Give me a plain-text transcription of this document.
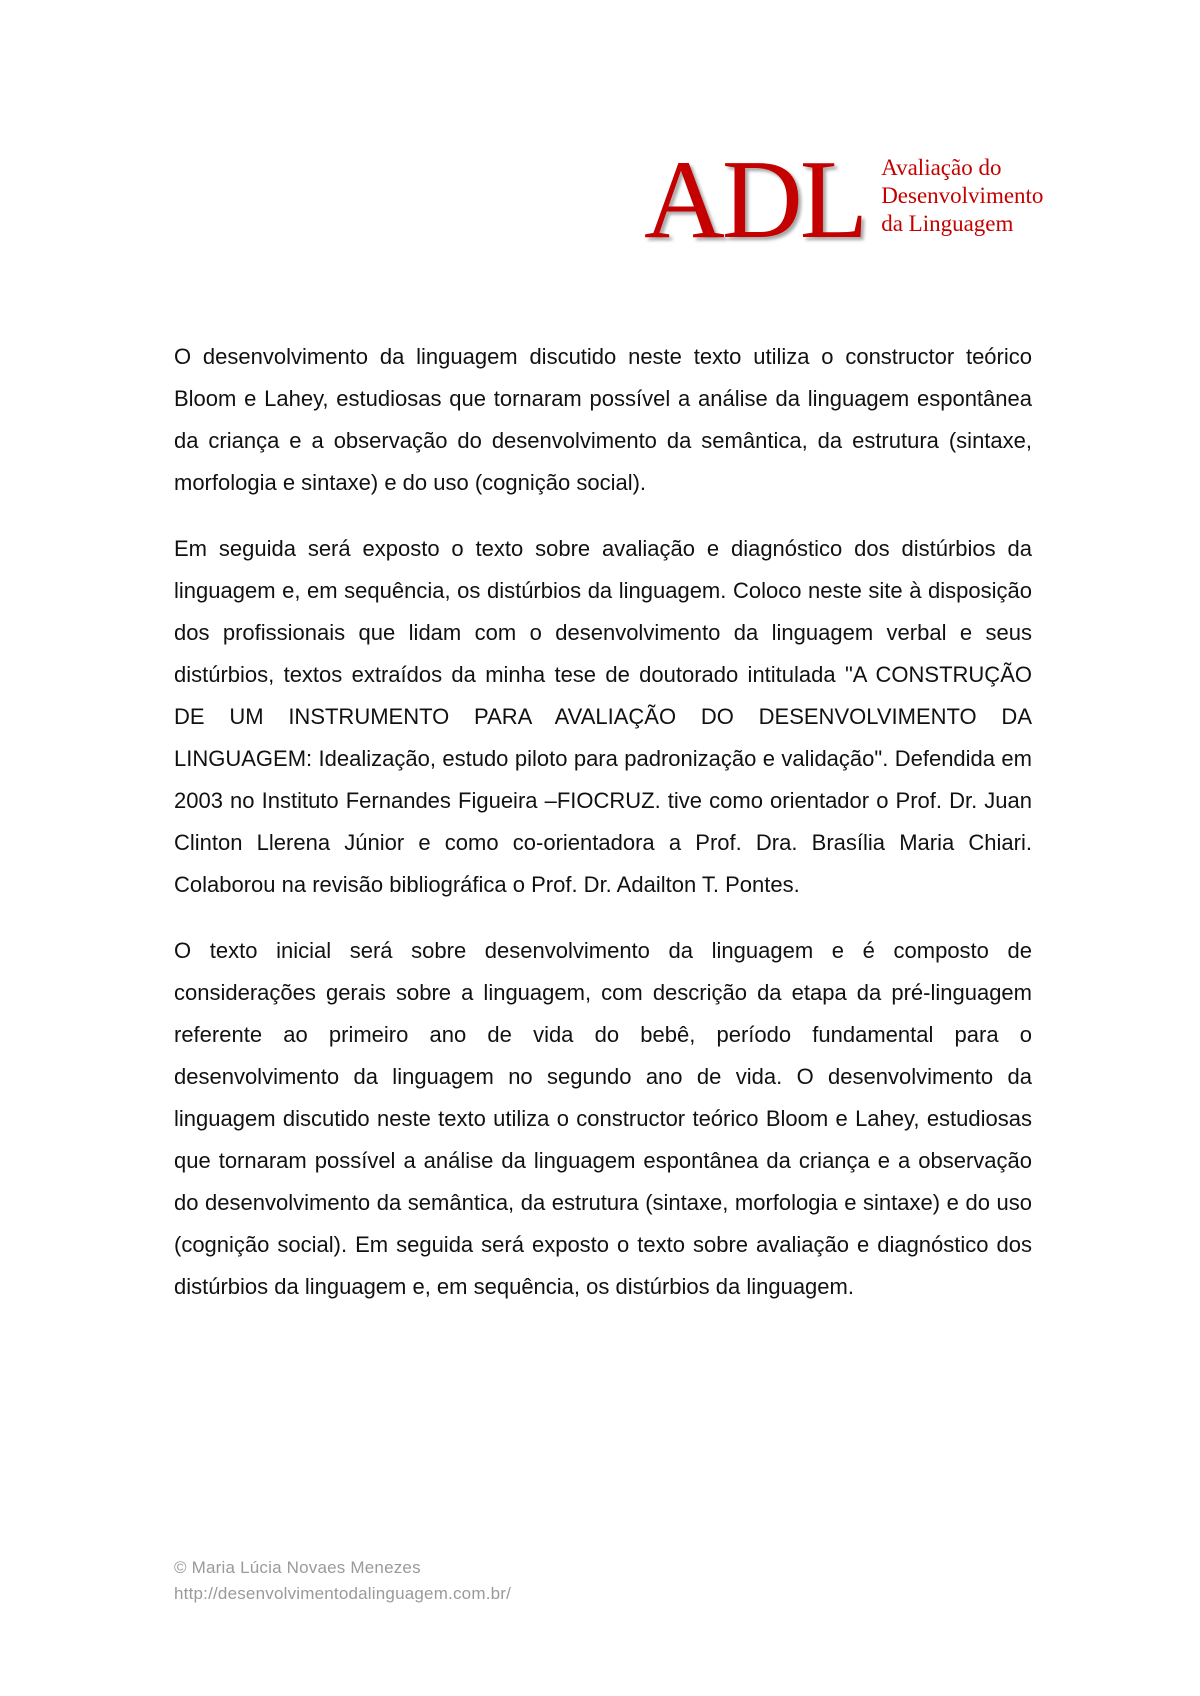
ADL Avaliação do
Desenvolvimento
da Linguagem

O desenvolvimento da linguagem discutido neste texto utiliza o constructor teórico Bloom e Lahey, estudiosas que tornaram possível a análise da linguagem espontânea da criança e a observação do desenvolvimento da semântica, da estrutura (sintaxe, morfologia e sintaxe) e do uso (cognição social).

Em seguida será exposto o texto sobre avaliação e diagnóstico dos distúrbios da linguagem e, em sequência, os distúrbios da linguagem. Coloco neste site à disposição dos profissionais que lidam com o desenvolvimento da linguagem verbal e seus distúrbios, textos extraídos da minha tese de doutorado intitulada "A CONSTRUÇÃO DE UM INSTRUMENTO PARA AVALIAÇÃO DO DESENVOLVIMENTO DA LINGUAGEM: Idealização, estudo piloto para padronização e validação". Defendida em 2003 no Instituto Fernandes Figueira –FIOCRUZ. tive como orientador o Prof. Dr. Juan Clinton Llerena Júnior e como co-orientadora a Prof. Dra. Brasília Maria Chiari. Colaborou na revisão bibliográfica o Prof. Dr. Adailton T. Pontes.

O texto inicial será sobre desenvolvimento da linguagem e é composto de considerações gerais sobre a linguagem, com descrição da etapa da pré-linguagem referente ao primeiro ano de vida do bebê, período fundamental para o desenvolvimento da linguagem no segundo ano de vida. O desenvolvimento da linguagem discutido neste texto utiliza o constructor teórico Bloom e Lahey, estudiosas que tornaram possível a análise da linguagem espontânea da criança e a observação do desenvolvimento da semântica, da estrutura (sintaxe, morfologia e sintaxe) e do uso (cognição social). Em seguida será exposto o texto sobre avaliação e diagnóstico dos distúrbios da linguagem e, em sequência, os distúrbios da linguagem.

© Maria Lúcia Novaes Menezes
http://desenvolvimentodalinguagem.com.br/
